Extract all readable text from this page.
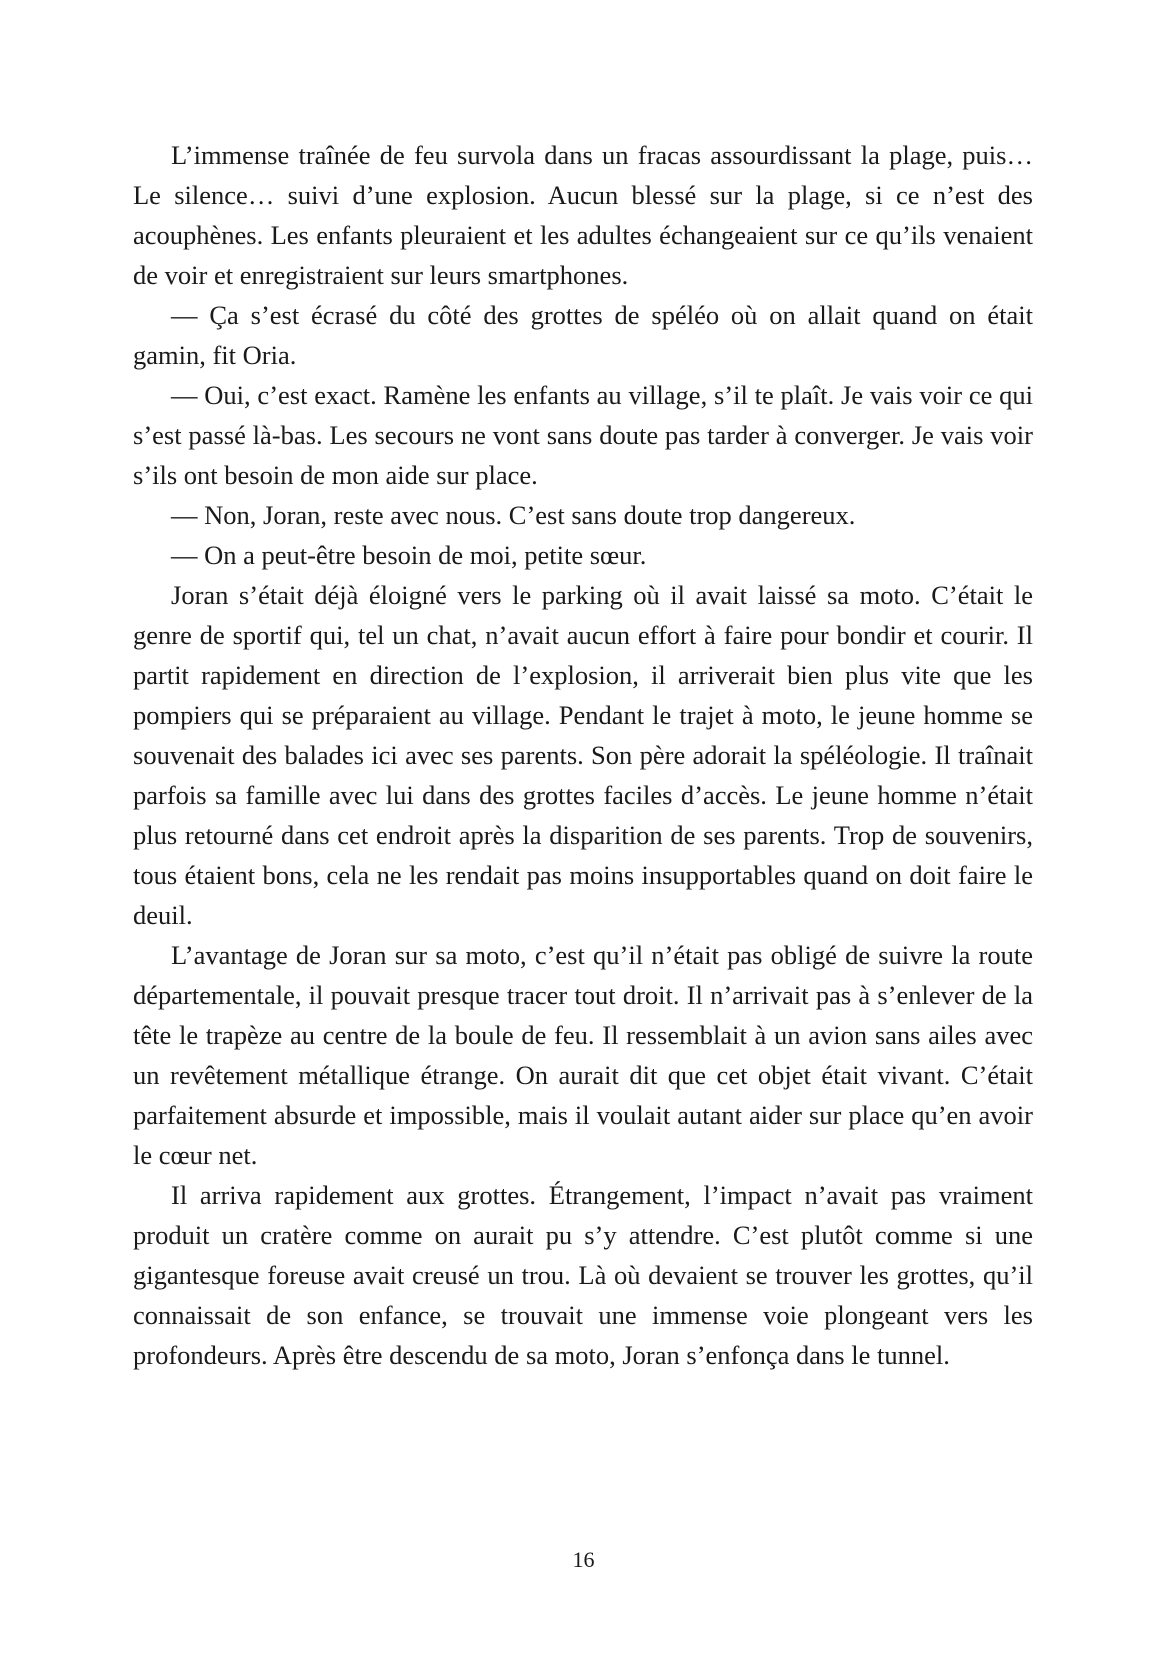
L’immense traînée de feu survola dans un fracas assourdissant la plage, puis… Le silence… suivi d’une explosion. Aucun blessé sur la plage, si ce n’est des acouphènes. Les enfants pleuraient et les adultes échangeaient sur ce qu’ils venaient de voir et enregistraient sur leurs smartphones.

— Ça s’est écrasé du côté des grottes de spéléo où on allait quand on était gamin, fit Oria.

— Oui, c’est exact. Ramène les enfants au village, s’il te plaît. Je vais voir ce qui s’est passé là-bas. Les secours ne vont sans doute pas tarder à converger. Je vais voir s’ils ont besoin de mon aide sur place.

— Non, Joran, reste avec nous. C’est sans doute trop dangereux.

— On a peut-être besoin de moi, petite sœur.

Joran s’était déjà éloigné vers le parking où il avait laissé sa moto. C’était le genre de sportif qui, tel un chat, n’avait aucun effort à faire pour bondir et courir. Il partit rapidement en direction de l’explosion, il arriverait bien plus vite que les pompiers qui se préparaient au village. Pendant le trajet à moto, le jeune homme se souvenait des balades ici avec ses parents. Son père adorait la spéléologie. Il traînait parfois sa famille avec lui dans des grottes faciles d’accès. Le jeune homme n’était plus retourné dans cet endroit après la disparition de ses parents. Trop de souvenirs, tous étaient bons, cela ne les rendait pas moins insupportables quand on doit faire le deuil.

L’avantage de Joran sur sa moto, c’est qu’il n’était pas obligé de suivre la route départementale, il pouvait presque tracer tout droit. Il n’arrivait pas à s’enlever de la tête le trapèze au centre de la boule de feu. Il ressemblait à un avion sans ailes avec un revêtement métallique étrange. On aurait dit que cet objet était vivant. C’était parfaitement absurde et impossible, mais il voulait autant aider sur place qu’en avoir le cœur net.

Il arriva rapidement aux grottes. Étrangement, l’impact n’avait pas vraiment produit un cratère comme on aurait pu s’y attendre. C’est plutôt comme si une gigantesque foreuse avait creusé un trou. Là où devaient se trouver les grottes, qu’il connaissait de son enfance, se trouvait une immense voie plongeant vers les profondeurs. Après être descendu de sa moto, Joran s’enfonça dans le tunnel.

16
